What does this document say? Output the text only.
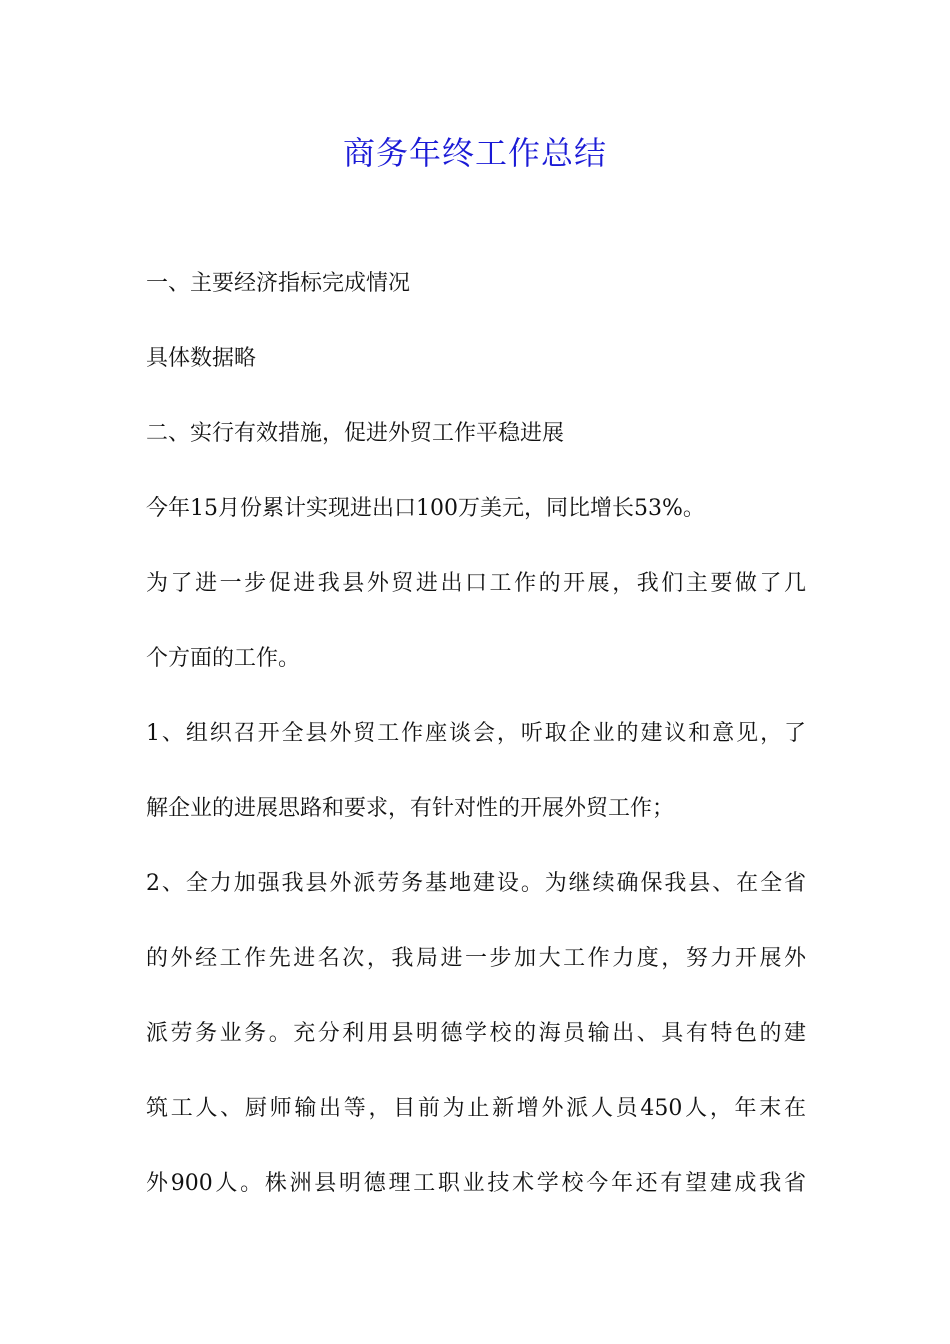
商务年终工作总结
一、主要经济指标完成情况
具体数据略
二、实行有效措施，促进外贸工作平稳进展
今年15月份累计实现进出口100万美元，同比增长53%。
为了进一步促进我县外贸进出口工作的开展，我们主要做了几
个方面的工作。
1、组织召开全县外贸工作座谈会，听取企业的建议和意见，了
解企业的进展思路和要求，有针对性的开展外贸工作；
2、全力加强我县外派劳务基地建设。为继续确保我县、在全省
的外经工作先进名次，我局进一步加大工作力度，努力开展外
派劳务业务。充分利用县明德学校的海员输出、具有特色的建
筑工人、厨师输出等，目前为止新增外派人员450人，年末在
外900人。株洲县明德理工职业技术学校今年还有望建成我省
